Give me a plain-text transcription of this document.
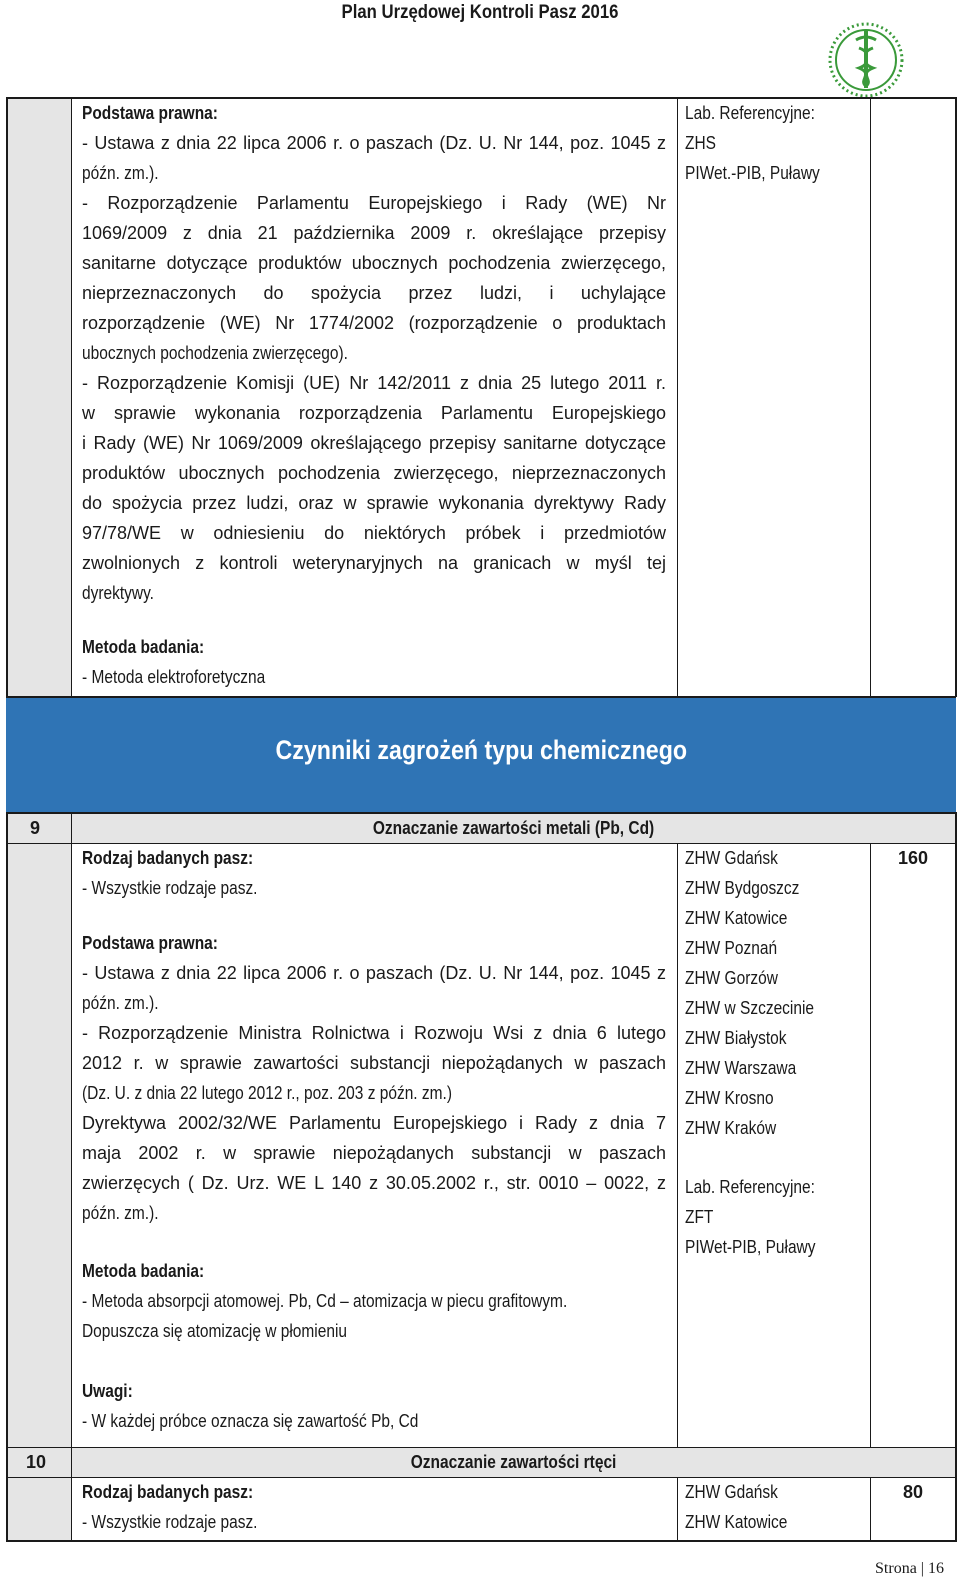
Plan Urzędowej Kontroli Pasz 2016
Czynniki zagrożeń typu chemicznego
Podstawa prawna:
- Ustawa z dnia 22 lipca 2006 r. o paszach (Dz. U. Nr 144, poz. 1045 z
późn. zm.).
- Rozporządzenie Parlamentu Europejskiego i Rady (WE) Nr
1069/2009 z dnia 21 października 2009 r. określające przepisy
sanitarne dotyczące produktów ubocznych pochodzenia zwierzęcego,
nieprzeznaczonych do spożycia przez ludzi, i uchylające
rozporządzenie (WE) Nr 1774/2002 (rozporządzenie o produktach
ubocznych pochodzenia zwierzęcego).
- Rozporządzenie Komisji (UE) Nr 142/2011 z dnia 25 lutego 2011 r.
w sprawie wykonania rozporządzenia Parlamentu Europejskiego
i Rady (WE) Nr 1069/2009 określającego przepisy sanitarne dotyczące
produktów ubocznych pochodzenia zwierzęcego, nieprzeznaczonych
do spożycia przez ludzi, oraz w sprawie wykonania dyrektywy Rady
97/78/WE w odniesieniu do niektórych próbek i przedmiotów
zwolnionych z kontroli weterynaryjnych na granicach w myśl tej
dyrektywy.
Metoda badania:
- Metoda elektroforetyczna
Lab. Referencyjne:
ZHS
PIWet.-PIB, Puławy
9	Oznaczanie zawartości metali (Pb, Cd)
Rodzaj badanych pasz:
- Wszystkie rodzaje pasz.
Podstawa prawna:
- Ustawa z dnia 22 lipca 2006 r. o paszach (Dz. U. Nr 144, poz. 1045 z
późn. zm.).
- Rozporządzenie Ministra Rolnictwa i Rozwoju Wsi z dnia 6 lutego
2012 r. w sprawie zawartości substancji niepożądanych w paszach
(Dz. U. z dnia 22 lutego 2012 r., poz. 203 z późn. zm.)
Dyrektywa 2002/32/WE Parlamentu Europejskiego i Rady z dnia 7
maja 2002 r. w sprawie niepożądanych substancji w paszach
zwierzęcych ( Dz. Urz. WE L 140 z 30.05.2002 r., str. 0010 – 0022, z
późn. zm.).
Metoda badania:
- Metoda absorpcji atomowej. Pb, Cd – atomizacja w piecu grafitowym.
Dopuszcza się atomizację w płomieniu
Uwagi:
- W każdej próbce oznacza się zawartość Pb, Cd
ZHW Gdańsk
ZHW Bydgoszcz
ZHW Katowice
ZHW Poznań
ZHW Gorzów
ZHW w Szczecinie
ZHW Białystok
ZHW Warszawa
ZHW Krosno
ZHW Kraków
Lab. Referencyjne:
ZFT
PIWet-PIB, Puławy
160
10	Oznaczanie zawartości rtęci
Rodzaj badanych pasz:
- Wszystkie rodzaje pasz.
ZHW Gdańsk
ZHW Katowice
80
Strona | 16
